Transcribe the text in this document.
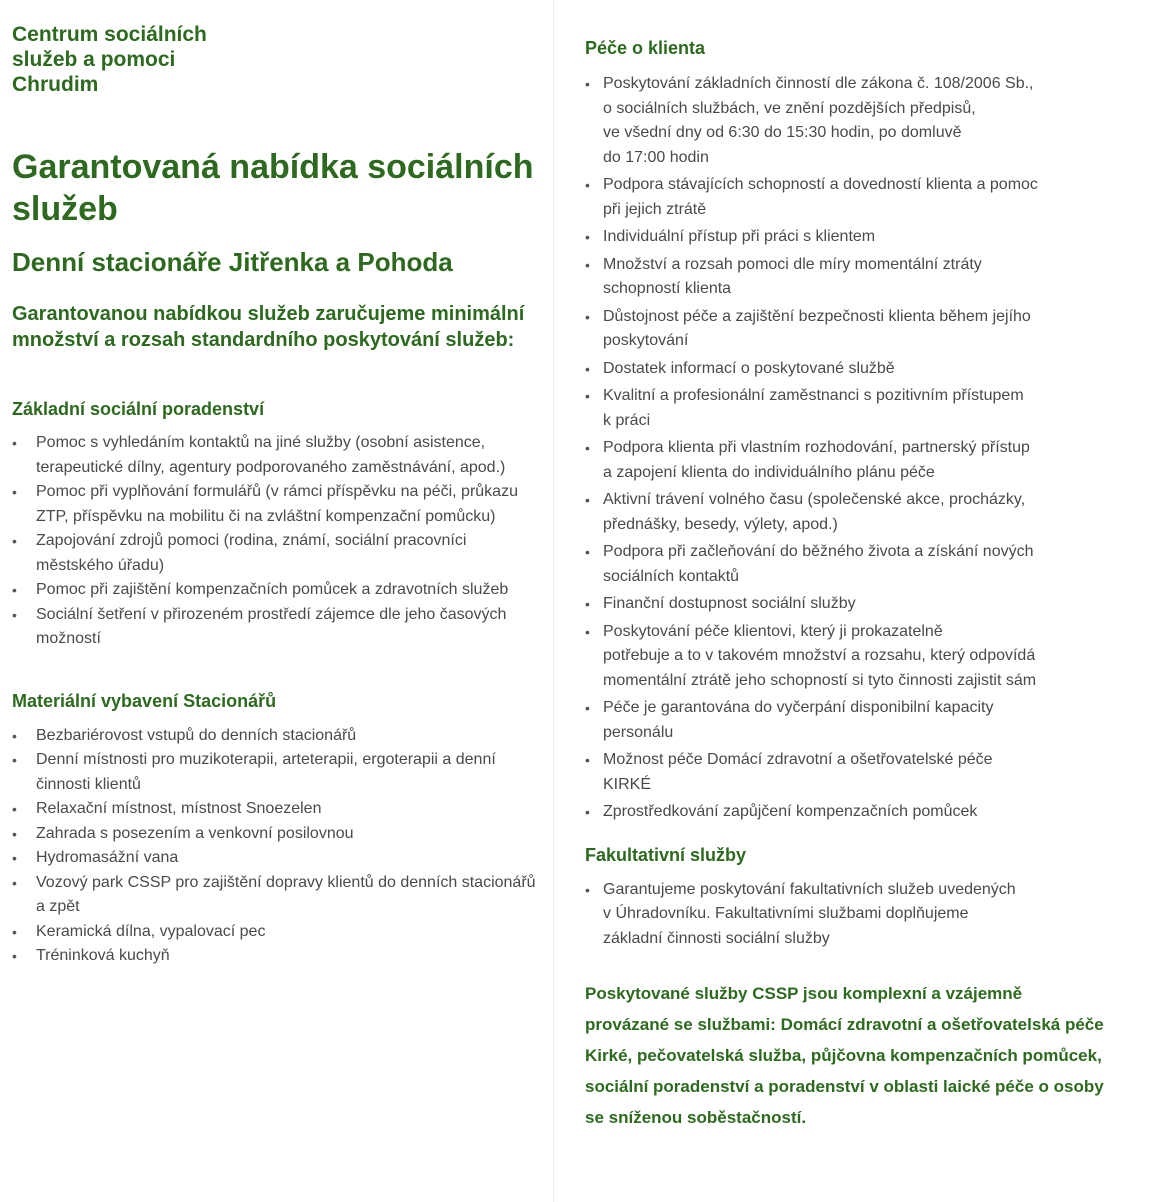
Centrum sociálních
služeb a pomoci
Chrudim
Garantovaná nabídka sociálních služeb
Denní stacionáře Jitřenka a Pohoda
Garantovanou nabídkou služeb zaručujeme minimální množství a rozsah standardního poskytování služeb:
Základní sociální poradenství
• Pomoc s vyhledáním kontaktů na jiné služby (osobní asistence, terapeutické dílny, agentury podporovaného zaměstnávání, apod.)
• Pomoc při vyplňování formulářů (v rámci příspěvku na péči, průkazu ZTP, příspěvku na mobilitu či na zvláštní kompenzační pomůcku)
• Zapojování zdrojů pomoci (rodina, známí, sociální pracovníci městského úřadu)
• Pomoc při zajištění kompenzačních pomůcek a zdravotních služeb
• Sociální šetření v přirozeném prostředí zájemce dle jeho časových možností
Materiální vybavení Stacionářů
• Bezbariérovost vstupů do denních stacionářů
• Denní místnosti pro muzikoterapii, arteterapii, ergoterapii a denní činnosti klientů
• Relaxační místnost, místnost Snoezelen
• Zahrada s posezením a venkovní posilovnou
• Hydromasážní vana
• Vozový park CSSP pro zajištění dopravy klientů do denních stacionářů a zpět
• Keramická dílna, vypalovací pec
• Tréninková kuchyň
Péče o klienta
• Poskytování základních činností dle zákona č. 108/2006 Sb.,
o sociálních službách, ve znění pozdějších předpisů,
ve všední dny od 6:30 do 15:30 hodin, po domluvě
do 17:00 hodin
• Podpora stávajících schopností a dovedností klienta a pomoc
při jejich ztrátě
• Individuální přístup při práci s klientem
• Množství a rozsah pomoci dle míry momentální ztráty
schopností klienta
• Důstojnost péče a zajištění bezpečnosti klienta během jejího
poskytování
• Dostatek informací o poskytované službě
• Kvalitní a profesionální zaměstnanci s pozitivním přístupem
k práci
• Podpora klienta při vlastním rozhodování, partnerský přístup
a zapojení klienta do individuálního plánu péče
• Aktivní trávení volného času (společenské akce, procházky,
přednášky, besedy, výlety, apod.)
• Podpora při začleňování do běžného života a získání nových
sociálních kontaktů
• Finanční dostupnost sociální služby
• Poskytování péče klientovi, který ji prokazatelně
potřebuje a to v takovém množství a rozsahu, který odpovídá
momentální ztrátě jeho schopností si tyto činnosti zajistit sám
• Péče je garantována do vyčerpání disponibilní kapacity
personálu
• Možnost péče Domácí zdravotní a ošetřovatelské péče
KIRKÉ
• Zprostředkování zapůjčení kompenzačních pomůcek
Fakultativní služby
• Garantujeme poskytování fakultativních služeb uvedených
v Úhradovníku. Fakultativními službami doplňujeme
základní činnosti sociální služby
Poskytované služby CSSP jsou komplexní a vzájemně provázané se službami: Domácí zdravotní a ošetřovatelská péče Kirké, pečovatelská služba, půjčovna kompenzačních pomůcek, sociální poradenství a poradenství v oblasti laické péče o osoby se sníženou soběstačností.
